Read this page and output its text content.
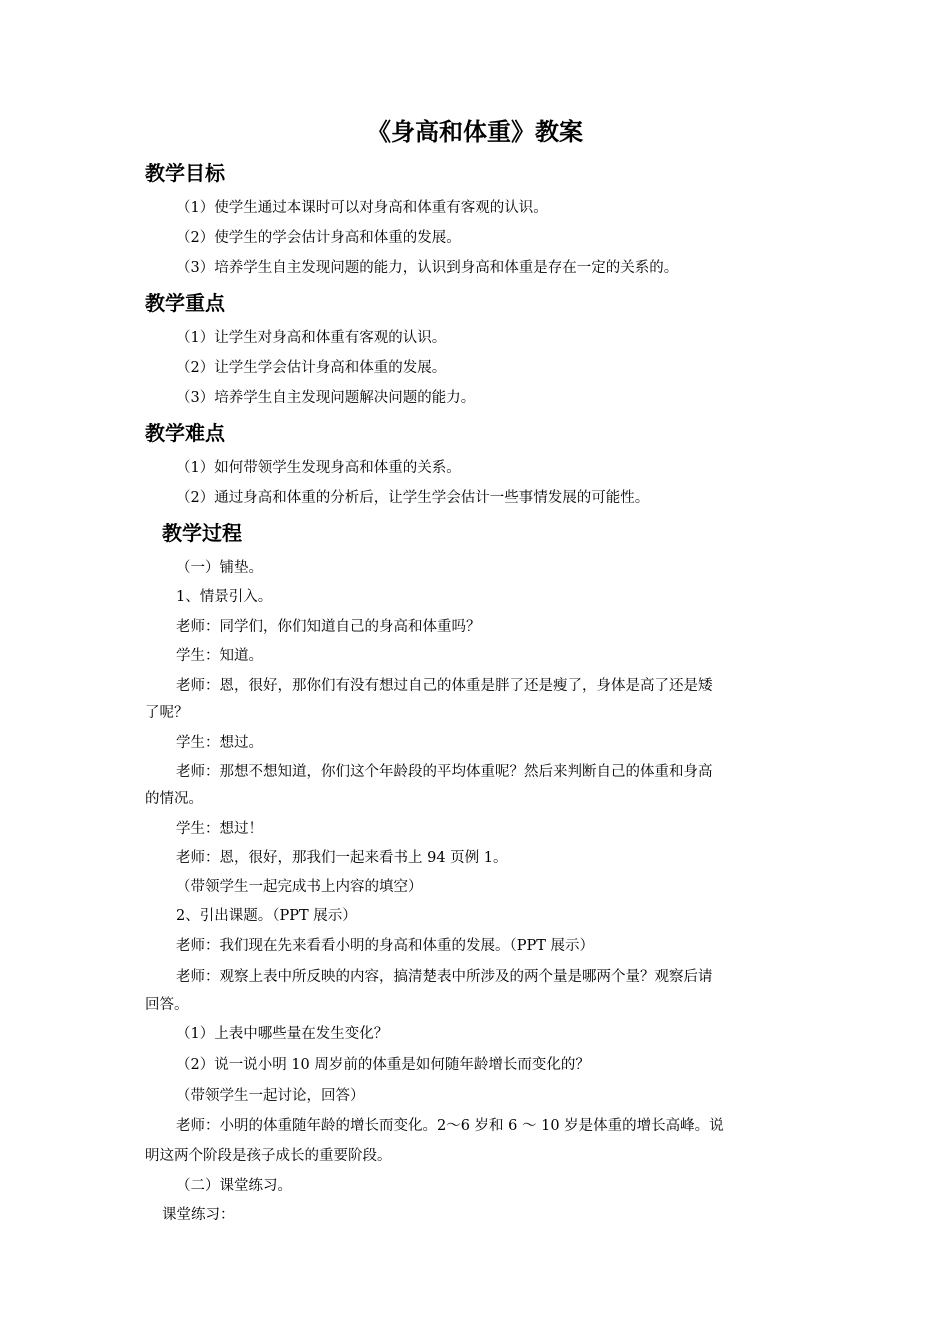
《身高和体重》教案
教学目标
（1）使学生通过本课时可以对身高和体重有客观的认识。
（2）使学生的学会估计身高和体重的发展。
（3）培养学生自主发现问题的能力，认识到身高和体重是存在一定的关系的。
教学重点
（1）让学生对身高和体重有客观的认识。
（2）让学生学会估计身高和体重的发展。
（3）培养学生自主发现问题解决问题的能力。
教学难点
（1）如何带领学生发现身高和体重的关系。
（2）通过身高和体重的分析后，让学生学会估计一些事情发展的可能性。
教学过程
（一）铺垫。
1、情景引入。
老师：同学们，你们知道自己的身高和体重吗？
学生：知道。
老师：恩，很好，那你们有没有想过自己的体重是胖了还是瘦了，身体是高了还是矮
了呢？
学生：想过。
老师：那想不想知道，你们这个年龄段的平均体重呢？然后来判断自己的体重和身高
的情况。
学生：想过！
老师：恩，很好，那我们一起来看书上 94 页例 1。
（带领学生一起完成书上内容的填空）
2、引出课题。（PPT 展示）
老师：我们现在先来看看小明的身高和体重的发展。（PPT 展示）
老师：观察上表中所反映的内容，搞清楚表中所涉及的两个量是哪两个量？观察后请
回答。
（1）上表中哪些量在发生变化？
（2）说一说小明 10 周岁前的体重是如何随年龄增长而变化的？
（带领学生一起讨论，回答）
老师：小明的体重随年龄的增长而变化。2～6 岁和 6 ～ 10 岁是体重的增长高峰。说
明这两个阶段是孩子成长的重要阶段。
（二）课堂练习。
课堂练习：
